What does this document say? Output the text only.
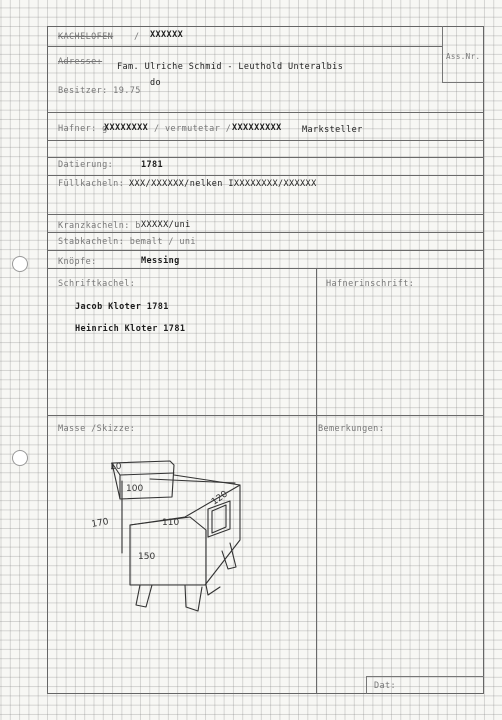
KACHELOFEN / XXXXXX
Ass.Nr.
Adresse: Fam. Ulriche Schmid - Leuthold Unteralbis
do
Besitzer: 19.75
Hafner: g
XXXXXXXX / vermutetar / XXXXXXXXX Marksteller
Datierung:	1781
Füllkacheln: XXX/XXXXXX/nelken IXXXXXXXX/XXXXXX
Kranzkacheln: b XXXXX/uni
Stabkacheln: bemalt / uni
Knöpfe:	Messing
Schriftkachel:
Jacob Kloter 1781
Heinrich Kloter 1781
Hafnerinschrift:
Masse /Skizze:	Bemerkungen:
10
100
120
170	110
150
Dat:
